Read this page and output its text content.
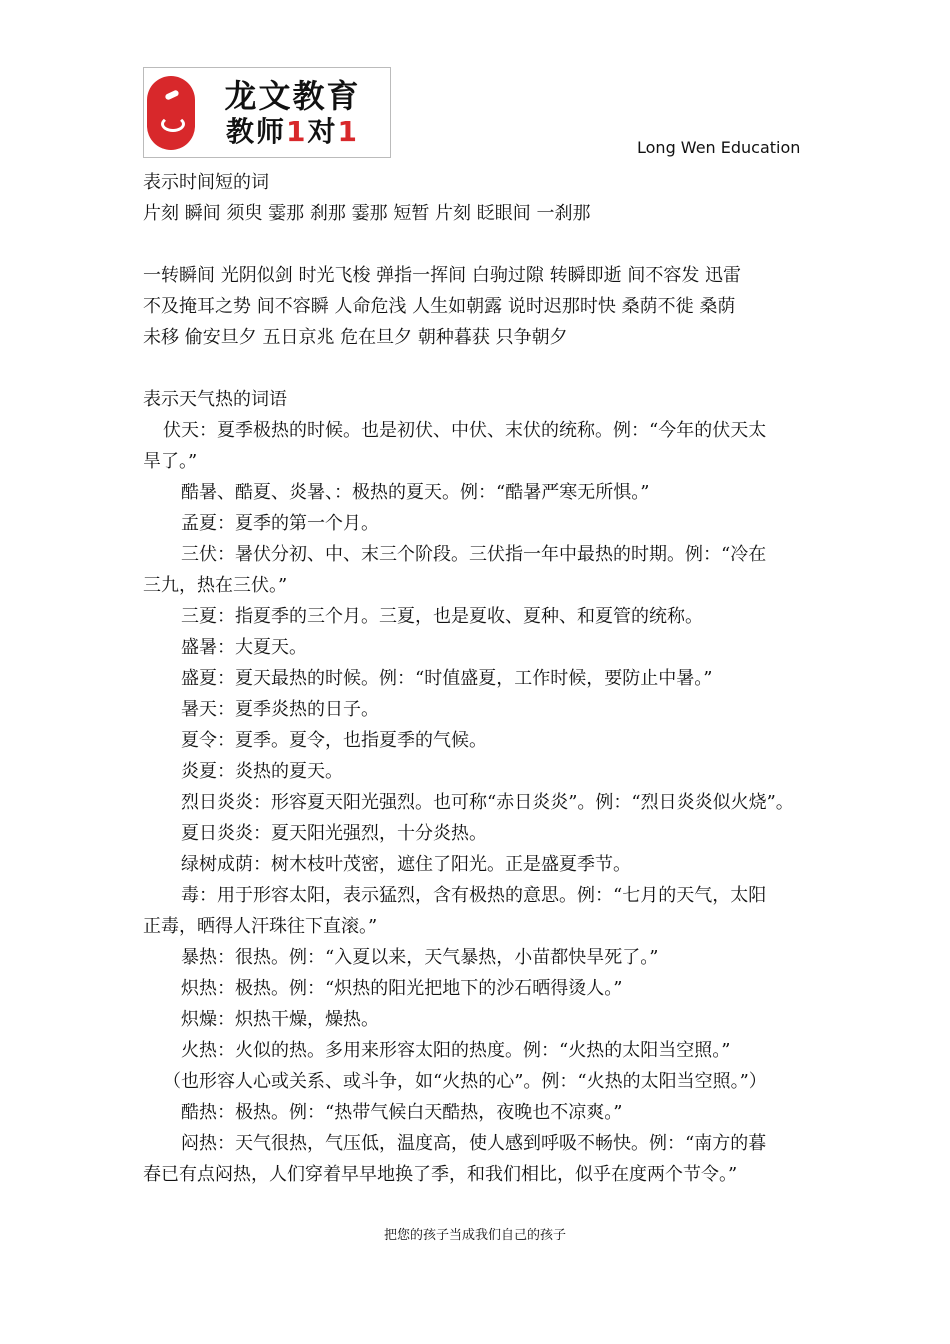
龙文教育
教师1对1	Long Wen Education

表示时间短的词

片刻 瞬间 须臾 霎那 刹那 霎那 短暂 片刻 眨眼间 一刹那

一转瞬间 光阴似剑 时光飞梭 弹指一挥间 白驹过隙 转瞬即逝 间不容发 迅雷

不及掩耳之势 间不容瞬 人命危浅 人生如朝露 说时迟那时快 桑荫不徙 桑荫

未移 偷安旦夕 五日京兆 危在旦夕 朝种暮获 只争朝夕

表示天气热的词语

伏天：夏季极热的时候。也是初伏、中伏、末伏的统称。例：“今年的伏天太

旱了。”

酷暑、酷夏、炎暑、：极热的夏天。例：“酷暑严寒无所惧。”

孟夏：夏季的第一个月。

三伏：暑伏分初、中、末三个阶段。三伏指一年中最热的时期。例：“冷在

三九，热在三伏。”

三夏：指夏季的三个月。三夏，也是夏收、夏种、和夏管的统称。

盛暑：大夏天。

盛夏：夏天最热的时候。例：“时值盛夏，工作时候，要防止中暑。”

暑天：夏季炎热的日子。

夏令：夏季。夏令，也指夏季的气候。

炎夏：炎热的夏天。

烈日炎炎：形容夏天阳光强烈。也可称“赤日炎炎”。例：“烈日炎炎似火烧”。

夏日炎炎：夏天阳光强烈，十分炎热。

绿树成荫：树木枝叶茂密，遮住了阳光。正是盛夏季节。

毒：用于形容太阳，表示猛烈，含有极热的意思。例：“七月的天气，太阳

正毒，晒得人汗珠往下直滚。”

暴热：很热。例：“入夏以来，天气暴热，小苗都快旱死了。”

炽热：极热。例：“炽热的阳光把地下的沙石晒得烫人。”

炽燥：炽热干燥，燥热。

火热：火似的热。多用来形容太阳的热度。例：“火热的太阳当空照。”

（也形容人心或关系、或斗争，如“火热的心”。例：“火热的太阳当空照。”）

酷热：极热。例：“热带气候白天酷热，夜晚也不凉爽。”

闷热：天气很热，气压低，温度高，使人感到呼吸不畅快。例：“南方的暮

春已有点闷热，人们穿着早早地换了季，和我们相比，似乎在度两个节令。”

把您的孩子当成我们自己的孩子
